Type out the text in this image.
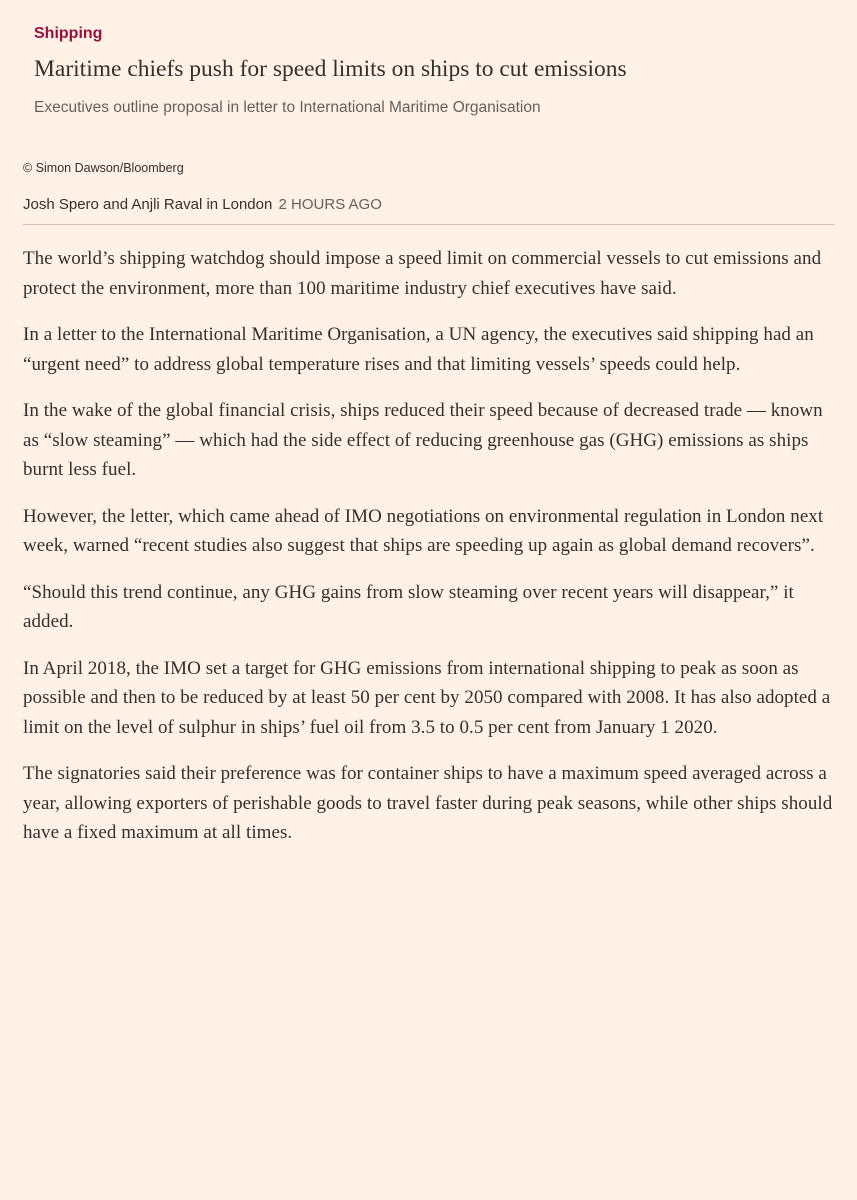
Shipping
Maritime chiefs push for speed limits on ships to cut emissions

Executives outline proposal in letter to International Maritime Organisation

© Simon Dawson/Bloomberg
Josh Spero and Anjli Raval in London 2 HOURS AGO

The world’s shipping watchdog should impose a speed limit on commercial vessels to cut emissions and protect the environment, more than 100 maritime industry chief executives have said.

In a letter to the International Maritime Organisation, a UN agency, the executives said shipping had an “urgent need” to address global temperature rises and that limiting vessels’ speeds could help.

In the wake of the global financial crisis, ships reduced their speed because of decreased trade — known as “slow steaming” — which had the side effect of reducing greenhouse gas (GHG) emissions as ships burnt less fuel.

However, the letter, which came ahead of IMO negotiations on environmental regulation in London next week, warned “recent studies also suggest that ships are speeding up again as global demand recovers”.

“Should this trend continue, any GHG gains from slow steaming over recent years will disappear,” it added.

In April 2018, the IMO set a target for GHG emissions from international shipping to peak as soon as possible and then to be reduced by at least 50 per cent by 2050 compared with 2008. It has also adopted a limit on the level of sulphur in ships’ fuel oil from 3.5 to 0.5 per cent from January 1 2020.

The signatories said their preference was for container ships to have a maximum speed averaged across a year, allowing exporters of perishable goods to travel faster during peak seasons, while other ships should have a fixed maximum at all times.
